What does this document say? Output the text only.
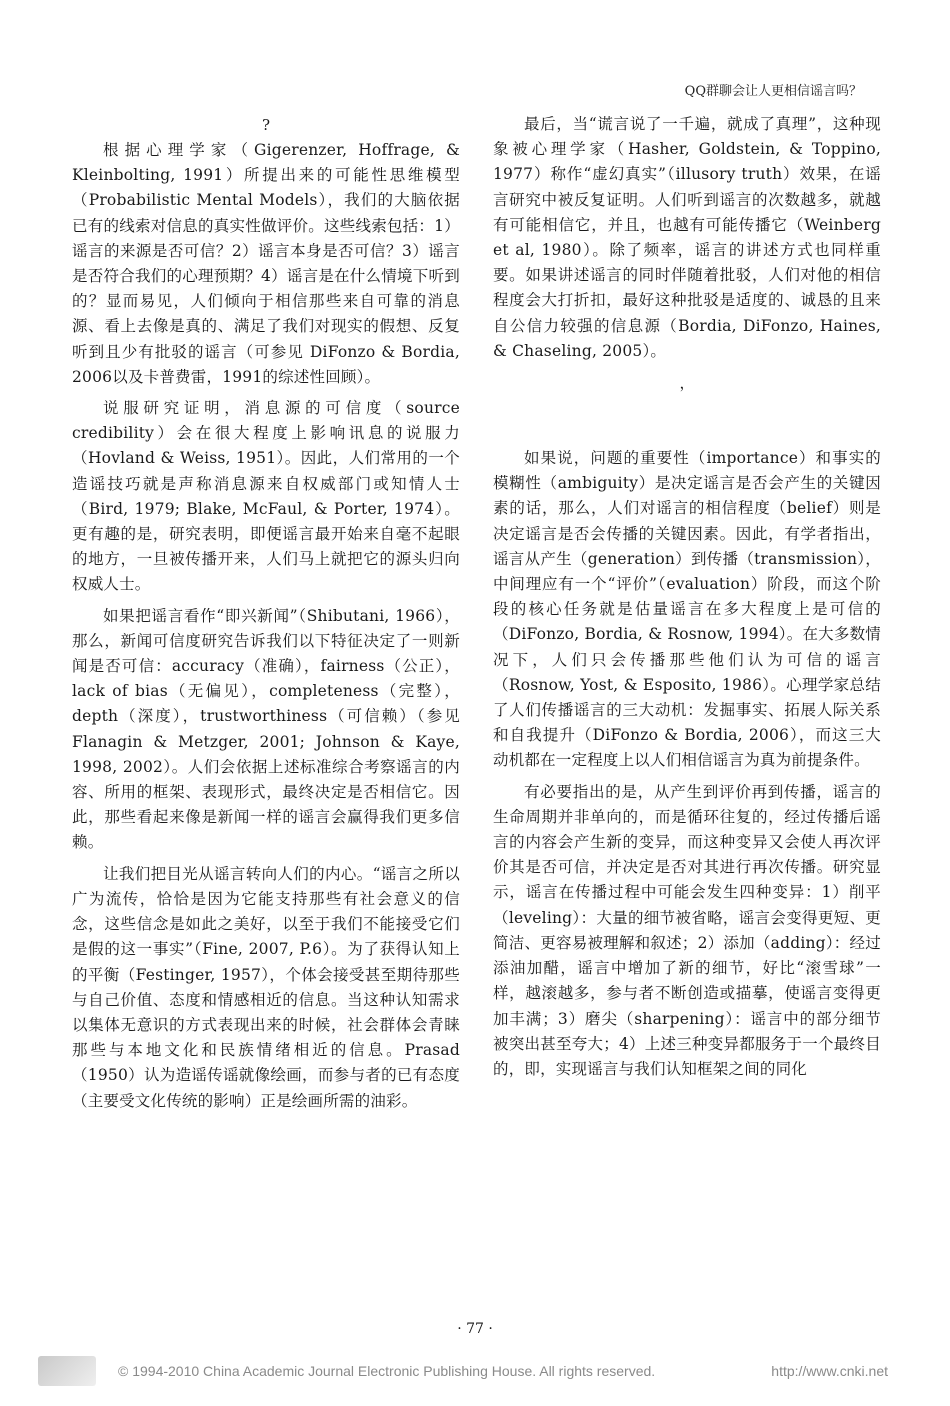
QQ群聊会让人更相信谣言吗？
?

根据心理学家（Gigerenzer, Hoffrage, & Kleinbolting, 1991）所提出来的可能性思维模型（Probabilistic Mental Models），我们的大脑依据已有的线索对信息的真实性做评价。这些线索包括：1）谣言的来源是否可信？2）谣言本身是否可信？3）谣言是否符合我们的心理预期？4）谣言是在什么情境下听到的？显而易见，人们倾向于相信那些来自可靠的消息源、看上去像是真的、满足了我们对现实的假想、反复听到且少有批驳的谣言（可参见 DiFonzo & Bordia, 2006以及卡普费雷，1991的综述性回顾）。

说服研究证明，消息源的可信度（source credibility）会在很大程度上影响讯息的说服力（Hovland & Weiss, 1951）。因此，人们常用的一个造谣技巧就是声称消息源来自权威部门或知情人士（Bird, 1979; Blake, McFaul, & Porter, 1974）。更有趣的是，研究表明，即便谣言最开始来自毫不起眼的地方，一旦被传播开来，人们马上就把它的源头归向权威人士。

如果把谣言看作“即兴新闻”（Shibutani, 1966），那么，新闻可信度研究告诉我们以下特征决定了一则新闻是否可信：accuracy（准确），fairness（公正），lack of bias（无偏见），completeness（完整），depth（深度），trustworthiness（可信赖）（参见 Flanagin & Metzger, 2001; Johnson & Kaye, 1998, 2002）。人们会依据上述标准综合考察谣言的内容、所用的框架、表现形式，最终决定是否相信它。因此，那些看起来像是新闻一样的谣言会赢得我们更多信赖。

让我们把目光从谣言转向人们的内心。“谣言之所以广为流传，恰恰是因为它能支持那些有社会意义的信念，这些信念是如此之美好，以至于我们不能接受它们是假的这一事实”（Fine, 2007, P.6）。为了获得认知上的平衡（Festinger, 1957），个体会接受甚至期待那些与自己价值、态度和情感相近的信息。当这种认知需求以集体无意识的方式表现出来的时候，社会群体会青睐那些与本地文化和民族情绪相近的信息。Prasad（1950）认为造谣传谣就像绘画，而参与者的已有态度（主要受文化传统的影响）正是绘画所需的油彩。

最后，当“谎言说了一千遍，就成了真理”，这种现象被心理学家（Hasher, Goldstein, & Toppino, 1977）称作“虚幻真实”（illusory truth）效果，在谣言研究中被反复证明。人们听到谣言的次数越多，就越有可能相信它，并且，也越有可能传播它（Weinberg et al, 1980）。除了频率，谣言的讲述方式也同样重要。如果讲述谣言的同时伴随着批驳，人们对他的相信程度会大打折扣，最好这种批驳是适度的、诚恳的且来自公信力较强的信息源（Bordia, DiFonzo, Haines, & Chaseling, 2005）。

，

如果说，问题的重要性（importance）和事实的模糊性（ambiguity）是决定谣言是否会产生的关键因素的话，那么，人们对谣言的相信程度（belief）则是决定谣言是否会传播的关键因素。因此，有学者指出，谣言从产生（generation）到传播（transmission），中间理应有一个“评价”（evaluation）阶段，而这个阶段的核心任务就是估量谣言在多大程度上是可信的（DiFonzo, Bordia, & Rosnow, 1994）。在大多数情况下，人们只会传播那些他们认为可信的谣言（Rosnow, Yost, & Esposito, 1986）。心理学家总结了人们传播谣言的三大动机：发掘事实、拓展人际关系和自我提升（DiFonzo & Bordia, 2006），而这三大动机都在一定程度上以人们相信谣言为真为前提条件。

有必要指出的是，从产生到评价再到传播，谣言的生命周期并非单向的，而是循环往复的，经过传播后谣言的内容会产生新的变异，而这种变异又会使人再次评价其是否可信，并决定是否对其进行再次传播。研究显示，谣言在传播过程中可能会发生四种变异：1）削平（leveling）：大量的细节被省略，谣言会变得更短、更简洁、更容易被理解和叙述；2）添加（adding）：经过添油加醋，谣言中增加了新的细节，好比“滚雪球”一样，越滚越多，参与者不断创造或描摹，使谣言变得更加丰满；3）磨尖（sharpening）：谣言中的部分细节被突出甚至夸大；4）上述三种变异都服务于一个最终目的，即，实现谣言与我们认知框架之间的同化

· 77 ·
© 1994-2010 China Academic Journal Electronic Publishing House. All rights reserved.	http://www.cnki.net
